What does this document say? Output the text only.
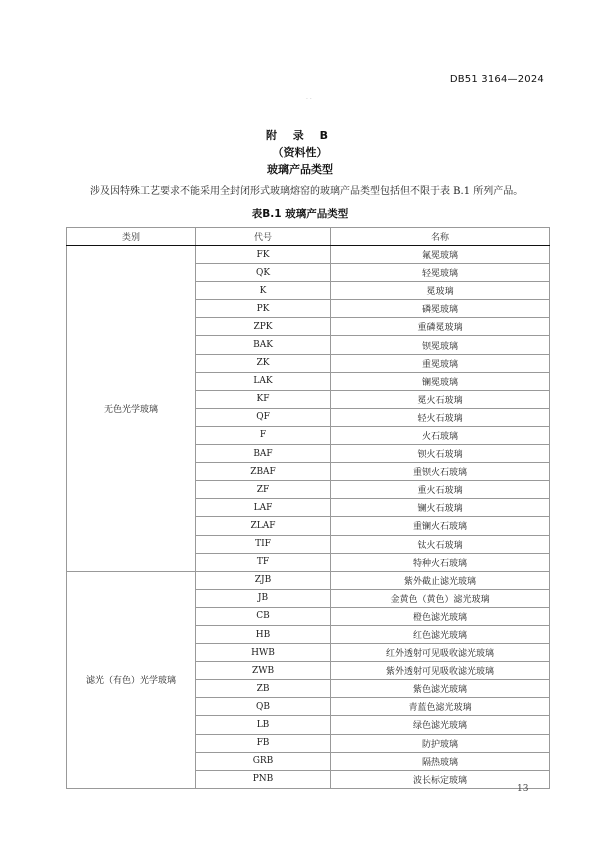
DB51 3164—2024
· ·
附 录 B
（资料性）
玻璃产品类型
涉及因特殊工艺要求不能采用全封闭形式玻璃熔窑的玻璃产品类型包括但不限于表 B.1 所列产品。
表B.1 玻璃产品类型
类别	代号	名称
无色光学玻璃	FK	氟冕玻璃
	QK	轻冕玻璃
	K	冕玻璃
	PK	磷冕玻璃
	ZPK	重磷冕玻璃
	BAK	钡冕玻璃
	ZK	重冕玻璃
	LAK	镧冕玻璃
	KF	冕火石玻璃
	QF	轻火石玻璃
	F	火石玻璃
	BAF	钡火石玻璃
	ZBAF	重钡火石玻璃
	ZF	重火石玻璃
	LAF	镧火石玻璃
	ZLAF	重镧火石玻璃
	TIF	钛火石玻璃
	TF	特种火石玻璃
滤光（有色）光学玻璃	ZJB	紫外截止滤光玻璃
	JB	金黄色（黄色）滤光玻璃
	CB	橙色滤光玻璃
	HB	红色滤光玻璃
	HWB	红外透射可见吸收滤光玻璃
	ZWB	紫外透射可见吸收滤光玻璃
	ZB	紫色滤光玻璃
	QB	青蓝色滤光玻璃
	LB	绿色滤光玻璃
	FB	防护玻璃
	GRB	隔热玻璃
	PNB	波长标定玻璃
13
